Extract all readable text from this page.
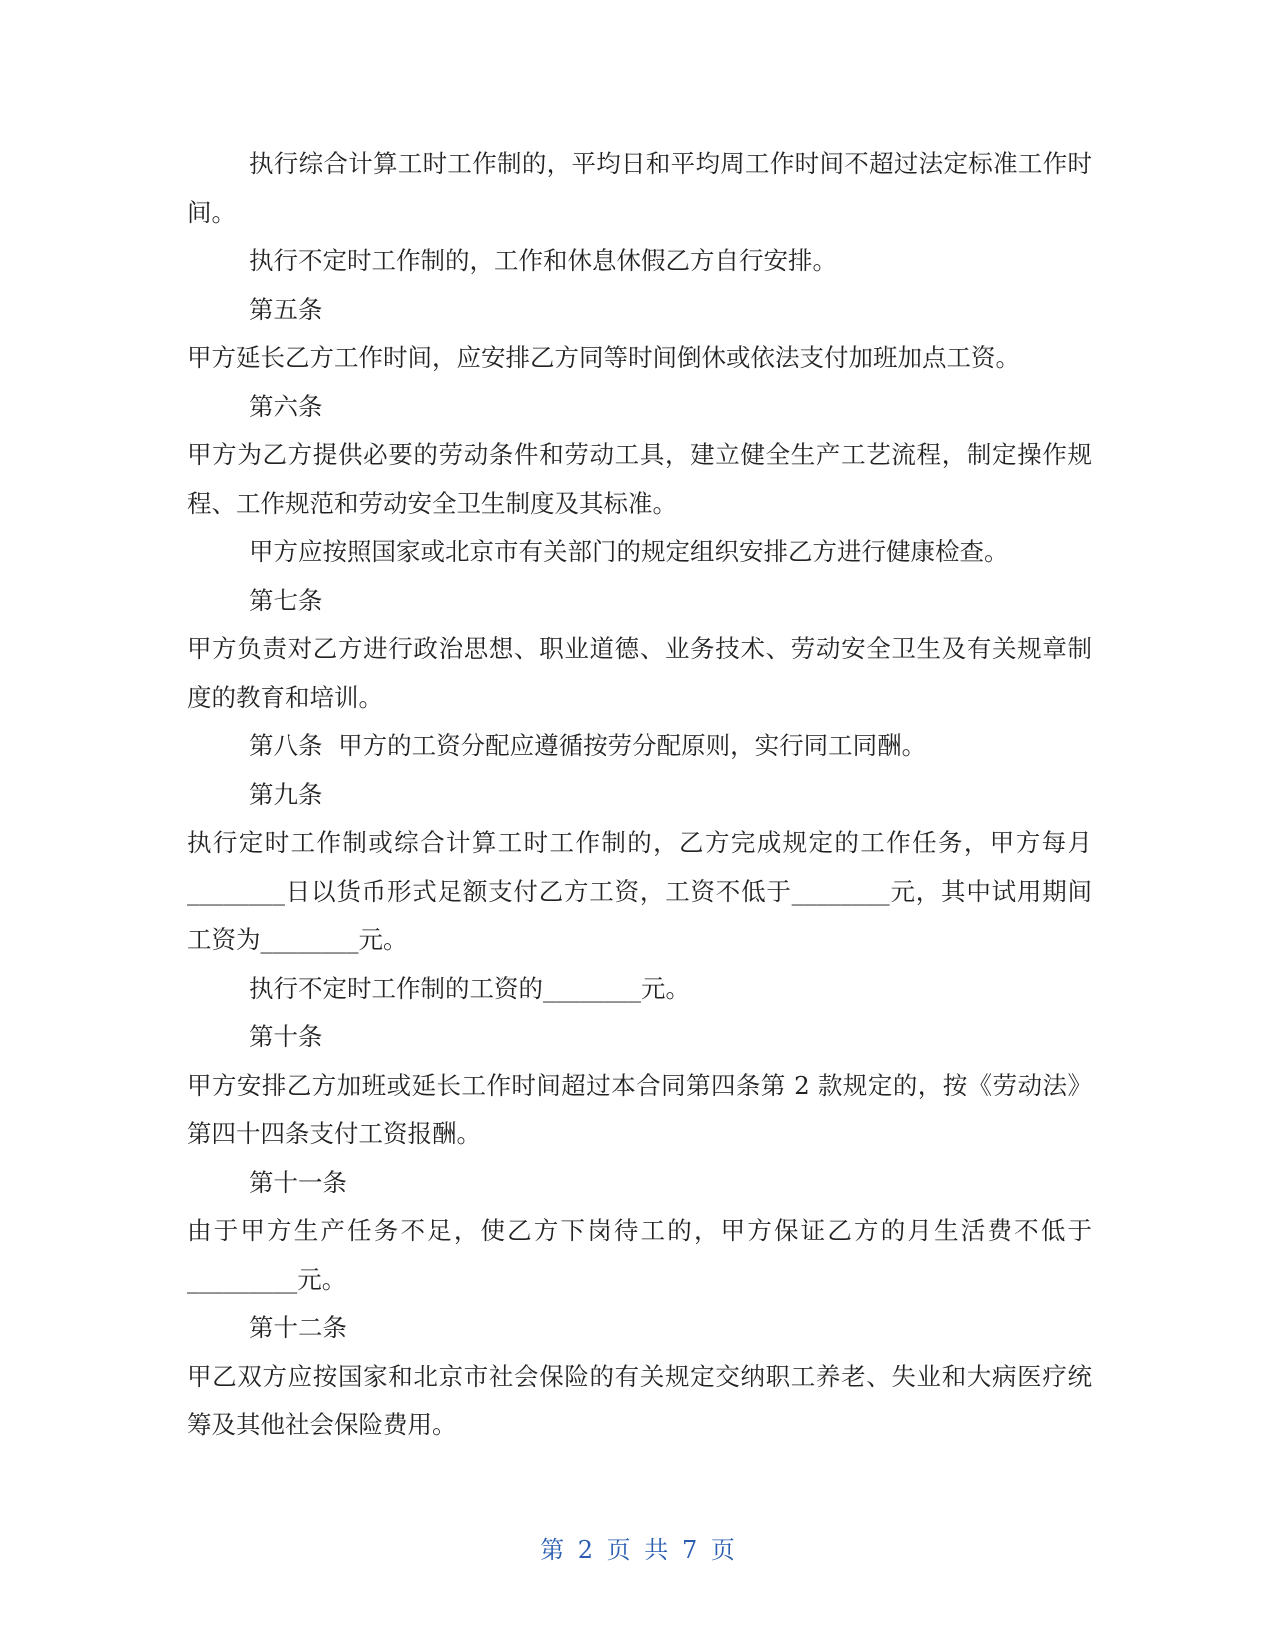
执行综合计算工时工作制的，平均日和平均周工作时间不超过法定标准工作时间。

执行不定时工作制的，工作和休息休假乙方自行安排。

第五条

甲方延长乙方工作时间，应安排乙方同等时间倒休或依法支付加班加点工资。

第六条

甲方为乙方提供必要的劳动条件和劳动工具，建立健全生产工艺流程，制定操作规程、工作规范和劳动安全卫生制度及其标准。

甲方应按照国家或北京市有关部门的规定组织安排乙方进行健康检查。

第七条

甲方负责对乙方进行政治思想、职业道德、业务技术、劳动安全卫生及有关规章制度的教育和培训。

第八条  甲方的工资分配应遵循按劳分配原则，实行同工同酬。

第九条

执行定时工作制或综合计算工时工作制的，乙方完成规定的工作任务，甲方每月________日以货币形式足额支付乙方工资，工资不低于________元，其中试用期间工资为________元。

执行不定时工作制的工资的________元。

第十条

甲方安排乙方加班或延长工作时间超过本合同第四条第 2 款规定的，按《劳动法》第四十四条支付工资报酬。

第十一条

由于甲方生产任务不足，使乙方下岗待工的，甲方保证乙方的月生活费不低于_________元。

第十二条

甲乙双方应按国家和北京市社会保险的有关规定交纳职工养老、失业和大病医疗统筹及其他社会保险费用。

第 2 页 共 7 页
